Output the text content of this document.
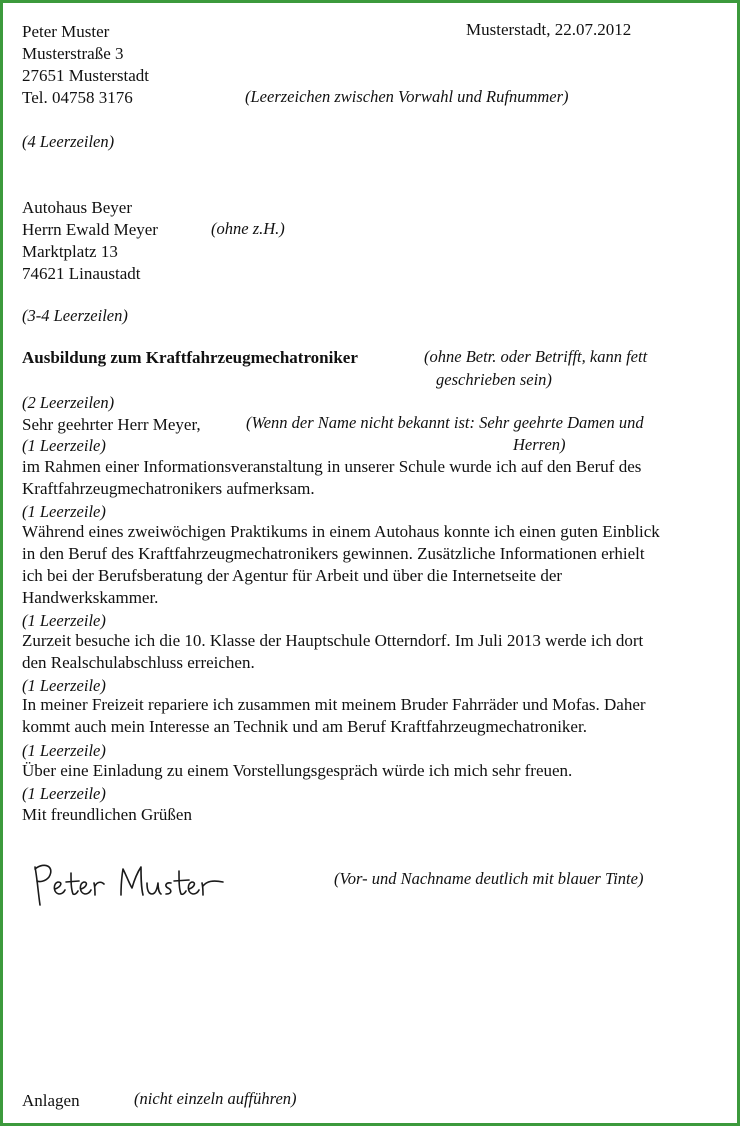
Peter Muster
Musterstraße 3
27651 Musterstadt
Tel. 04758 3176	(Leerzeichen zwischen Vorwahl und Rufnummer)
Musterstadt, 22.07.2012
(4 Leerzeilen)
Autohaus Beyer
Herrn Ewald Meyer	(ohne z.H.)
Marktplatz 13
74621 Linaustadt
(3-4 Leerzeilen)
Ausbildung zum Kraftfahrzeugmechatroniker	(ohne Betr. oder Betrifft, kann fett
geschrieben sein)
(2 Leerzeilen)
Sehr geehrter Herr Meyer,	(Wenn der Name nicht bekannt ist: Sehr geehrte Damen und
Herren)
(1 Leerzeile)
im Rahmen einer Informationsveranstaltung in unserer Schule wurde ich auf den Beruf des
Kraftfahrzeugmechatronikers aufmerksam.
(1 Leerzeile)
Während eines zweiwöchigen Praktikums in einem Autohaus konnte ich einen guten Einblick
in den Beruf des Kraftfahrzeugmechatronikers gewinnen. Zusätzliche Informationen erhielt
ich bei der Berufsberatung der Agentur für Arbeit und über die Internetseite der
Handwerkskammer.
(1 Leerzeile)
Zurzeit besuche ich die 10. Klasse der Hauptschule Otterndorf. Im Juli 2013 werde ich dort
den Realschulabschluss erreichen.
(1 Leerzeile)
In meiner Freizeit repariere ich zusammen mit meinem Bruder Fahrräder und Mofas. Daher
kommt auch mein Interesse an Technik und am Beruf Kraftfahrzeugmechatroniker.
(1 Leerzeile)
Über eine Einladung zu einem Vorstellungsgespräch würde ich mich sehr freuen.
(1 Leerzeile)
Mit freundlichen Grüßen
(Vor- und Nachname deutlich mit blauer Tinte)
Anlagen	(nicht einzeln aufführen)
